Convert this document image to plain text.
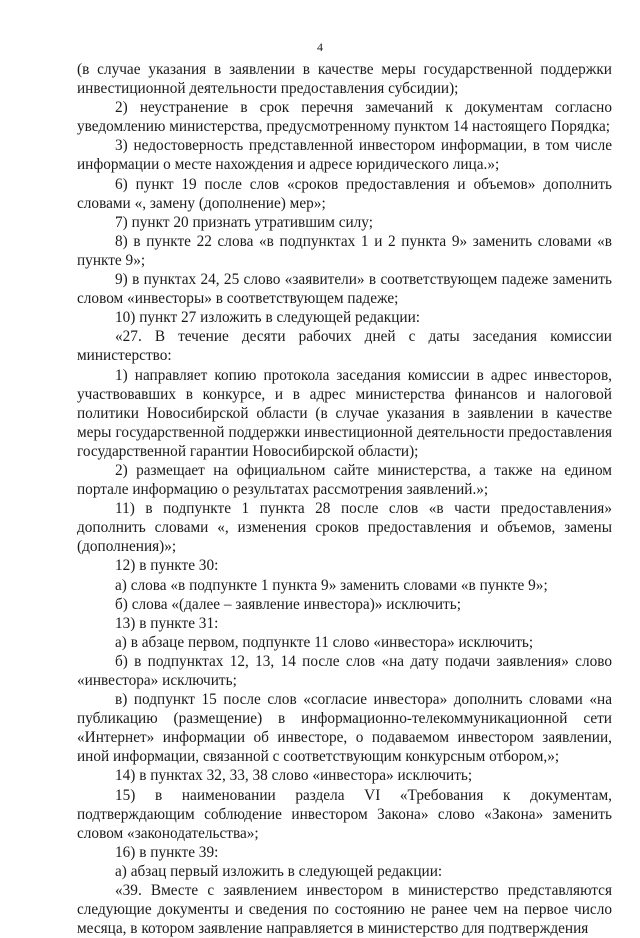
4

(в случае указания в заявлении в качестве меры государственной поддержки инвестиционной деятельности предоставления субсидии);

2) неустранение в срок перечня замечаний к документам согласно уведомлению министерства, предусмотренному пунктом 14 настоящего Порядка;

3) недостоверность представленной инвестором информации, в том числе информации о месте нахождения и адресе юридического лица.»;

6) пункт 19 после слов «сроков предоставления и объемов» дополнить словами «, замену (дополнение) мер»;

7) пункт 20 признать утратившим силу;

8) в пункте 22 слова «в подпунктах 1 и 2 пункта 9» заменить словами «в пункте 9»;

9) в пунктах 24, 25 слово «заявители» в соответствующем падеже заменить словом «инвесторы» в соответствующем падеже;

10) пункт 27 изложить в следующей редакции:

«27. В течение десяти рабочих дней с даты заседания комиссии министерство:

1) направляет копию протокола заседания комиссии в адрес инвесторов, участвовавших в конкурсе, и в адрес министерства финансов и налоговой политики Новосибирской области (в случае указания в заявлении в качестве меры государственной поддержки инвестиционной деятельности предоставления государственной гарантии Новосибирской области);

2) размещает на официальном сайте министерства, а также на едином портале информацию о результатах рассмотрения заявлений.»;

11) в подпункте 1 пункта 28 после слов «в части предоставления» дополнить словами «, изменения сроков предоставления и объемов, замены (дополнения)»;

12) в пункте 30:

а) слова «в подпункте 1 пункта 9» заменить словами «в пункте 9»;

б) слова «(далее – заявление инвестора)» исключить;

13) в пункте 31:

а) в абзаце первом, подпункте 11 слово «инвестора» исключить;

б) в подпунктах 12, 13, 14 после слов «на дату подачи заявления» слово «инвестора» исключить;

в) подпункт 15 после слов «согласие инвестора» дополнить словами «на публикацию (размещение) в информационно-телекоммуникационной сети «Интернет» информации об инвесторе, о подаваемом инвестором заявлении, иной информации, связанной с соответствующим конкурсным отбором,»;

14) в пунктах 32, 33, 38 слово «инвестора» исключить;

15) в наименовании раздела VI «Требования к документам, подтверждающим соблюдение инвестором Закона» слово «Закона» заменить словом «законодательства»;

16) в пункте 39:

а) абзац первый изложить в следующей редакции:

«39. Вместе с заявлением инвестором в министерство представляются следующие документы и сведения по состоянию не ранее чем на первое число месяца, в котором заявление направляется в министерство для подтверждения
